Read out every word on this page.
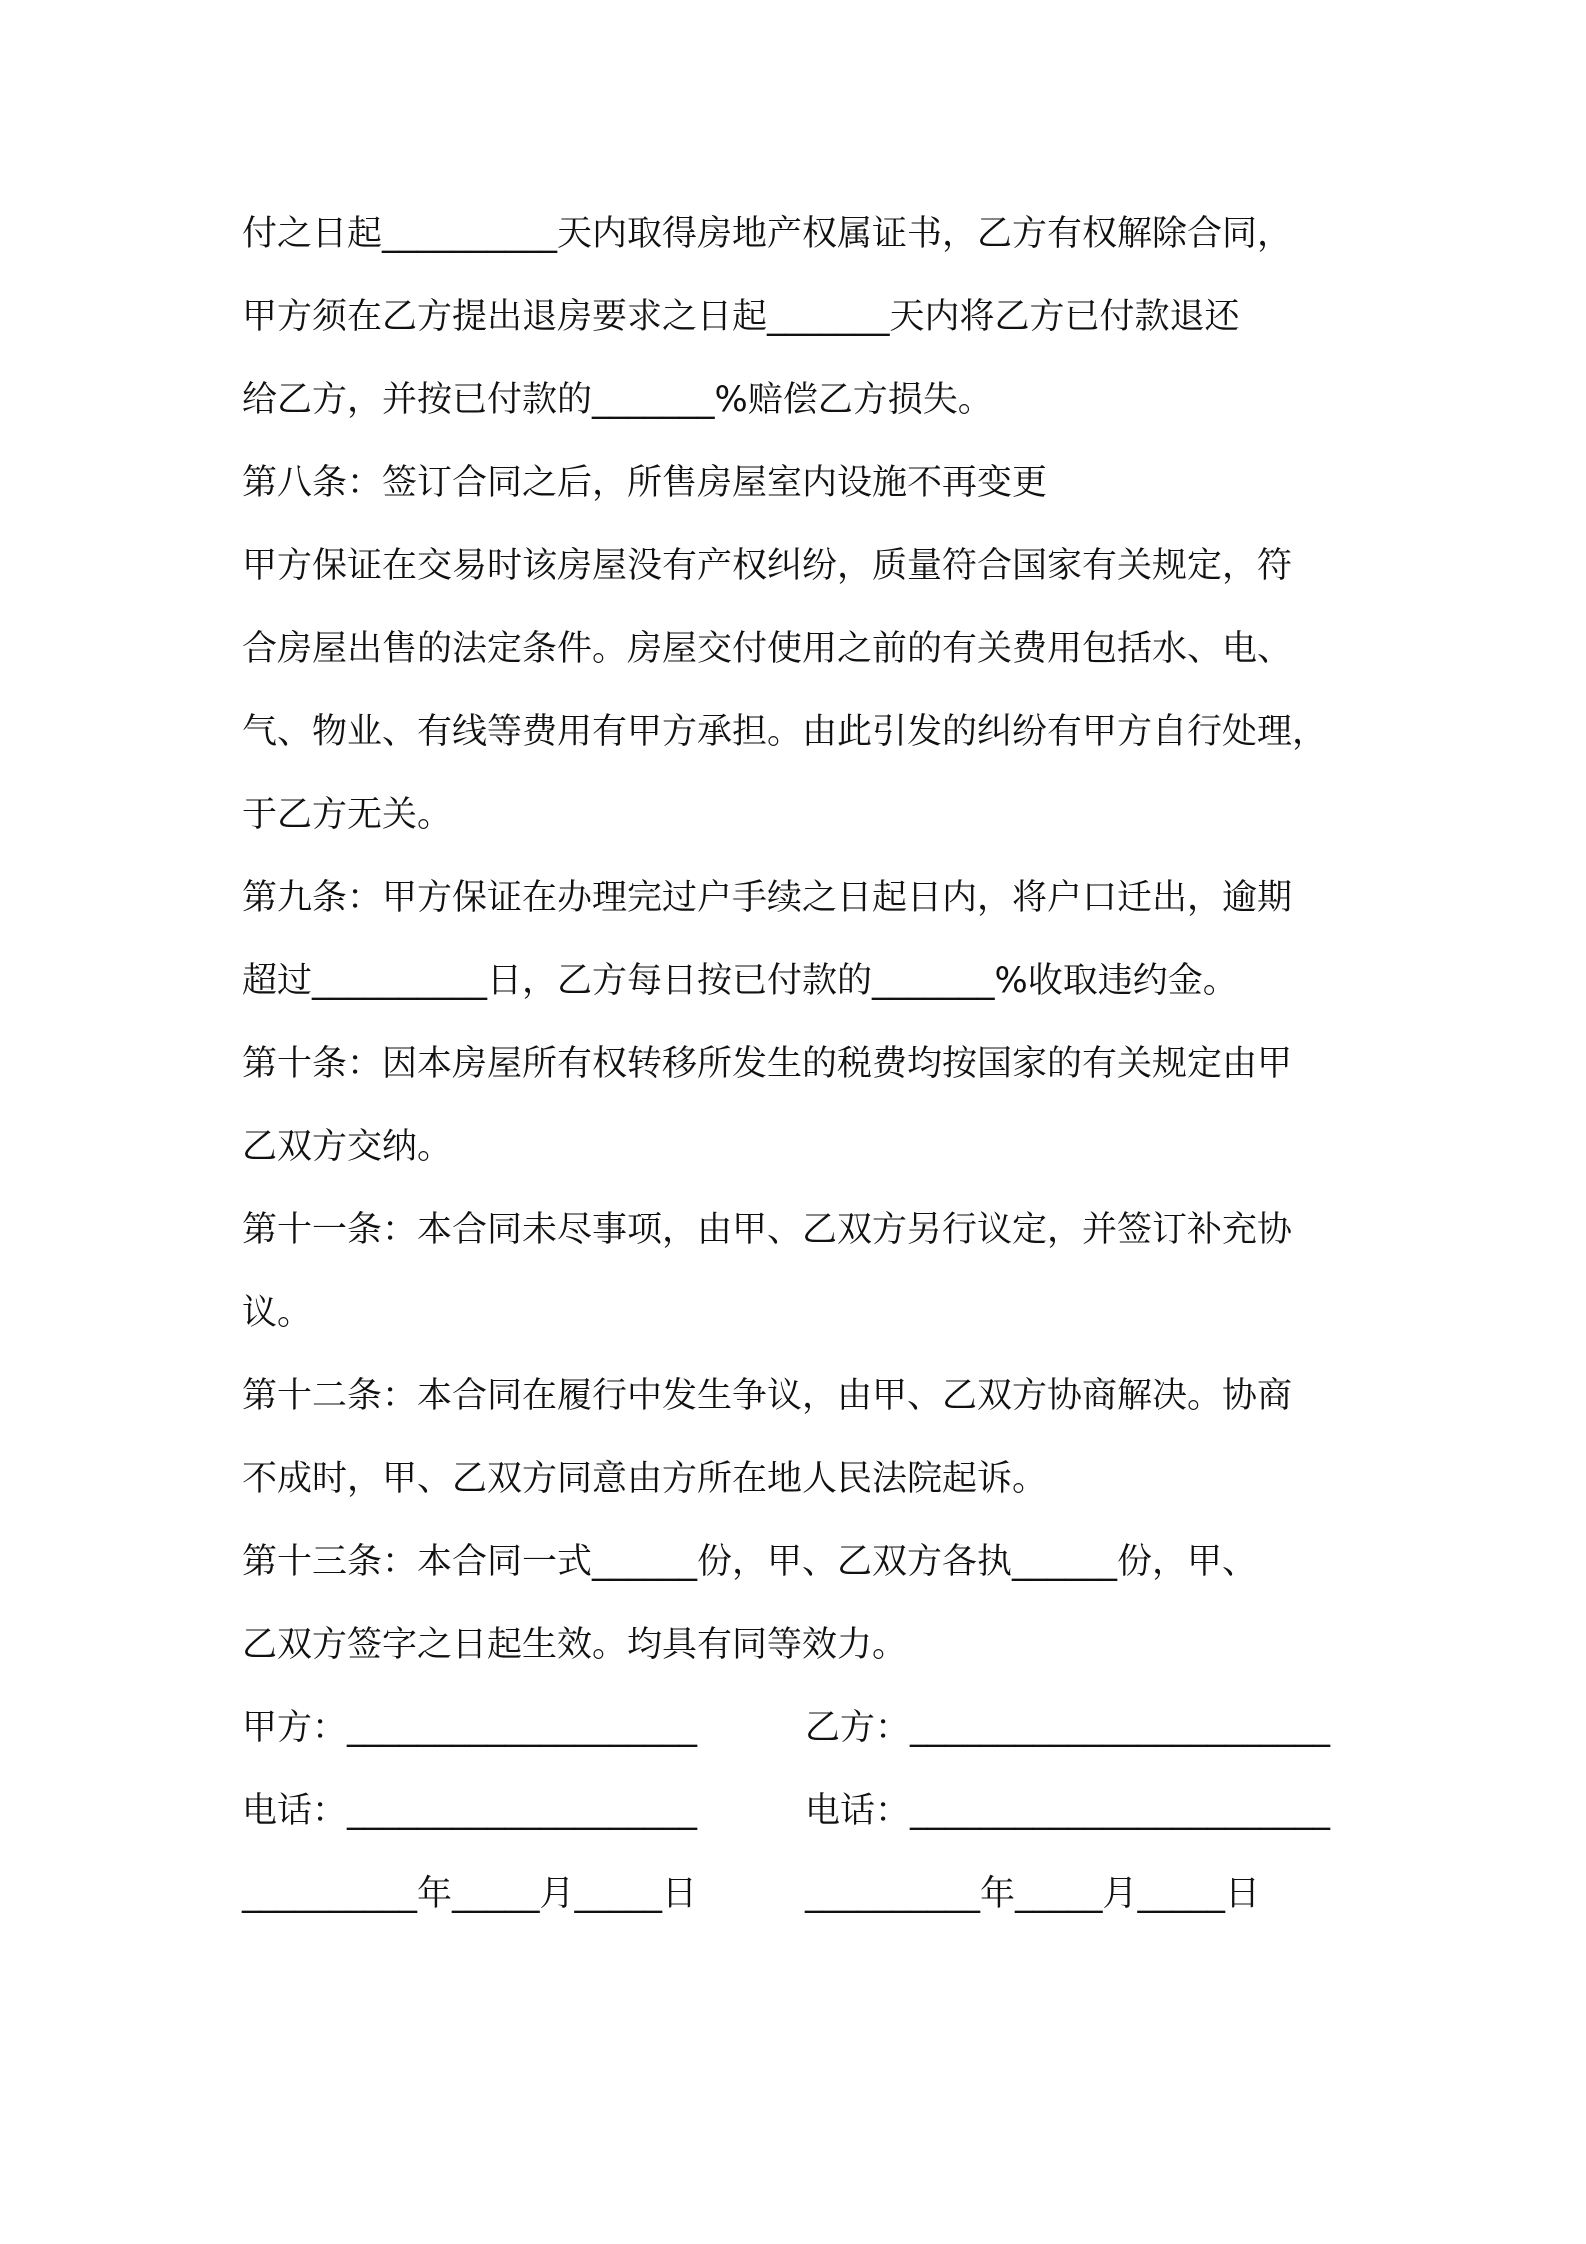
付之日起__________天内取得房地产权属证书，乙方有权解除合同，
甲方须在乙方提出退房要求之日起_______天内将乙方已付款退还
给乙方，并按已付款的_______%赔偿乙方损失。
第八条：签订合同之后，所售房屋室内设施不再变更
甲方保证在交易时该房屋没有产权纠纷，质量符合国家有关规定，符
合房屋出售的法定条件。房屋交付使用之前的有关费用包括水、电、
气、物业、有线等费用有甲方承担。由此引发的纠纷有甲方自行处理，
于乙方无关。
第九条：甲方保证在办理完过户手续之日起日内，将户口迁出，逾期
超过__________日，乙方每日按已付款的_______%收取违约金。
第十条：因本房屋所有权转移所发生的税费均按国家的有关规定由甲
乙双方交纳。
第十一条：本合同未尽事项，由甲、乙双方另行议定，并签订补充协
议。
第十二条：本合同在履行中发生争议，由甲、乙双方协商解决。协商
不成时，甲、乙双方同意由方所在地人民法院起诉。
第十三条：本合同一式______份，甲、乙双方各执______份，甲、
乙双方签字之日起生效。均具有同等效力。
甲方：____________________	乙方：________________________
电话：____________________	电话：________________________
__________年_____月_____日	__________年_____月_____日
